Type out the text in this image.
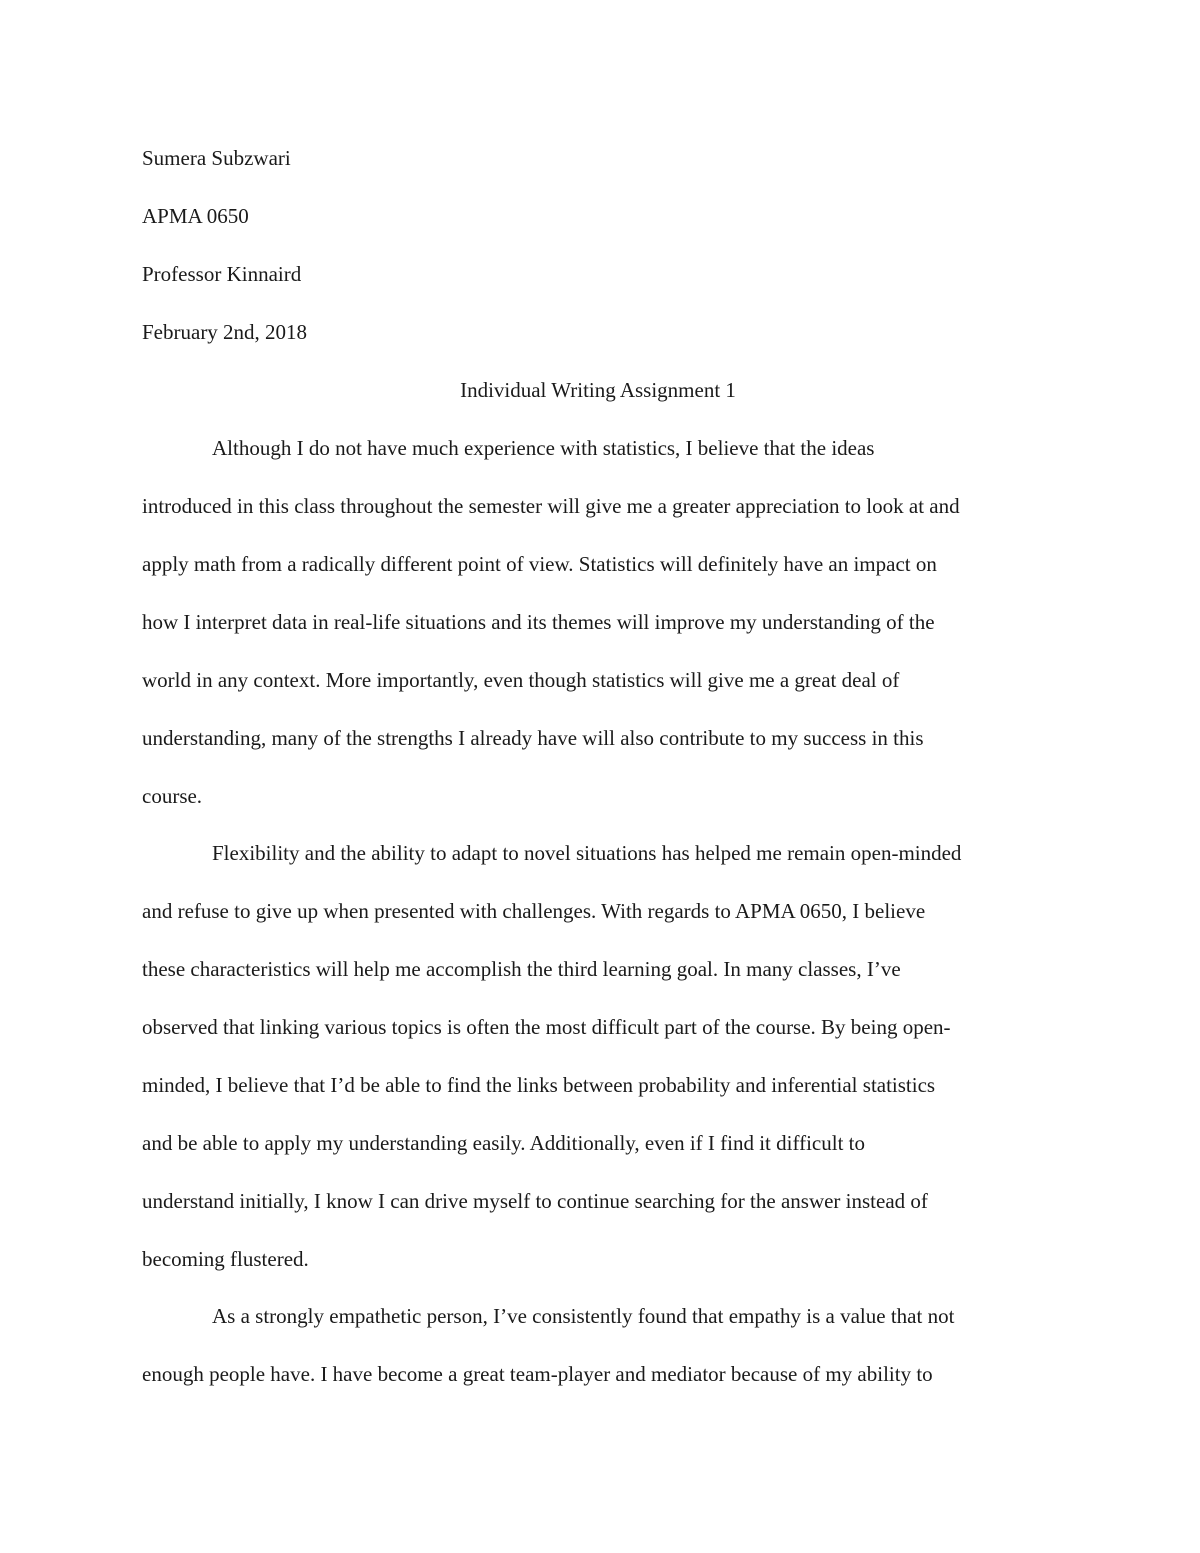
Sumera Subzwari
APMA 0650
Professor Kinnaird
February 2nd, 2018
Individual Writing Assignment 1
Although I do not have much experience with statistics, I believe that the ideas
introduced in this class throughout the semester will give me a greater appreciation to look at and
apply math from a radically different point of view. Statistics will definitely have an impact on
how I interpret data in real-life situations and its themes will improve my understanding of the
world in any context. More importantly, even though statistics will give me a great deal of
understanding, many of the strengths I already have will also contribute to my success in this
course.
Flexibility and the ability to adapt to novel situations has helped me remain open-minded
and refuse to give up when presented with challenges. With regards to APMA 0650, I believe
these characteristics will help me accomplish the third learning goal. In many classes, I’ve
observed that linking various topics is often the most difficult part of the course. By being open-
minded, I believe that I’d be able to find the links between probability and inferential statistics
and be able to apply my understanding easily. Additionally, even if I find it difficult to
understand initially, I know I can drive myself to continue searching for the answer instead of
becoming flustered.
As a strongly empathetic person, I’ve consistently found that empathy is a value that not
enough people have. I have become a great team-player and mediator because of my ability to
